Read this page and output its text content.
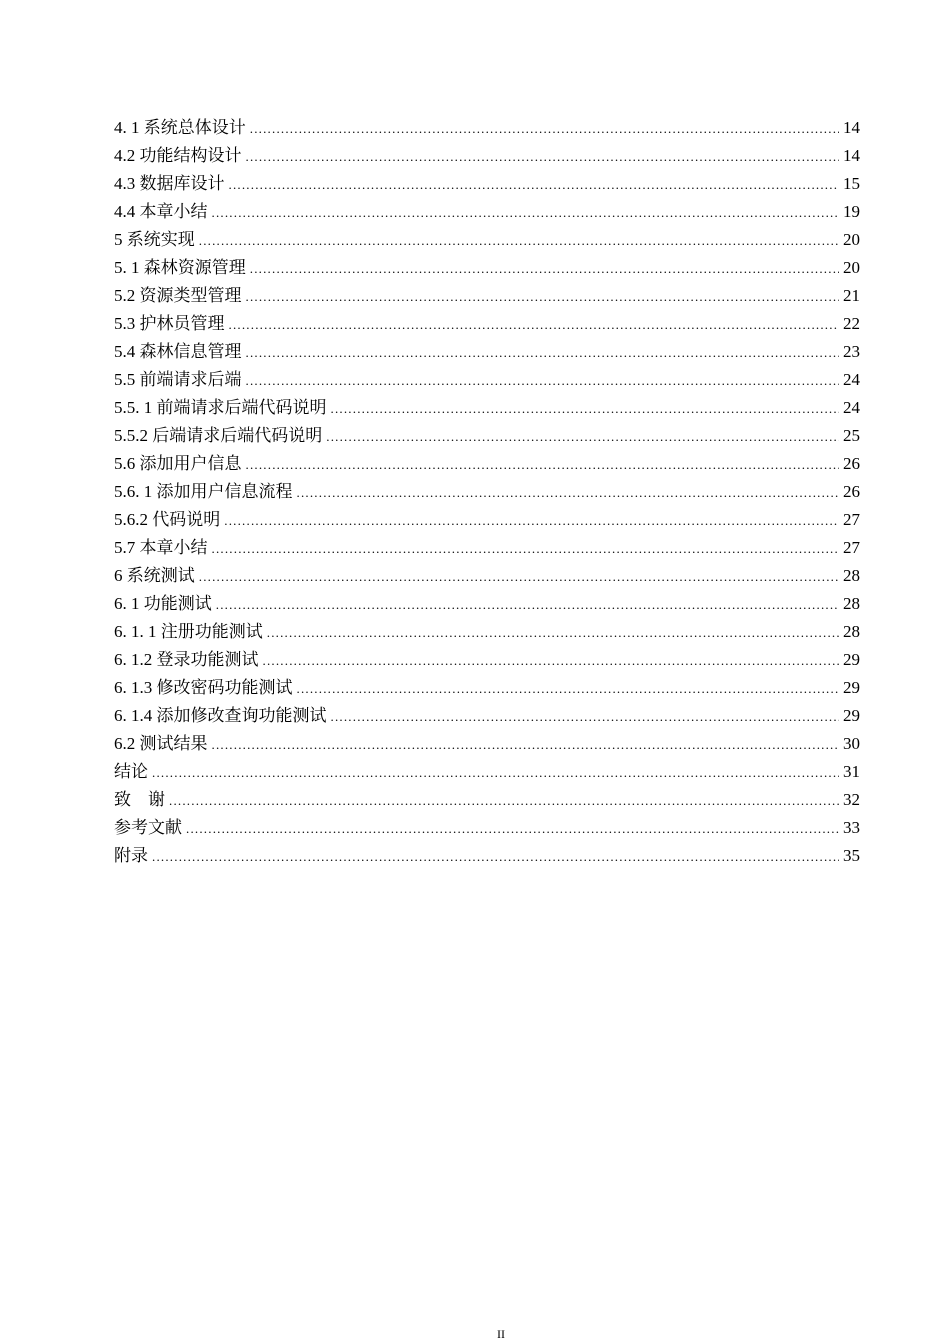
4. 1 系统总体设计 .....	14
4.2 功能结构设计 .....	14
4.3 数据库设计 .....	15
4.4 本章小结 .....	19
5 系统实现 .....	20
5. 1 森林资源管理 .....	20
5.2 资源类型管理 .....	21
5.3 护林员管理 .....	22
5.4 森林信息管理 .....	23
5.5 前端请求后端 .....	24
5.5. 1 前端请求后端代码说明 .....	24
5.5.2 后端请求后端代码说明 .....	25
5.6 添加用户信息 .....	26
5.6. 1 添加用户信息流程 .....	26
5.6.2 代码说明 .....	27
5.7 本章小结 .....	27
6 系统测试 .....	28
6. 1 功能测试 .....	28
6. 1. 1 注册功能测试 .....	28
6. 1.2 登录功能测试 .....	29
6. 1.3 修改密码功能测试 .....	29
6. 1.4 添加修改查询功能测试 .....	29
6.2 测试结果 .....	30
结论 .....	31
致　谢 .....	32
参考文献 .....	33
附录 .....	35
II
